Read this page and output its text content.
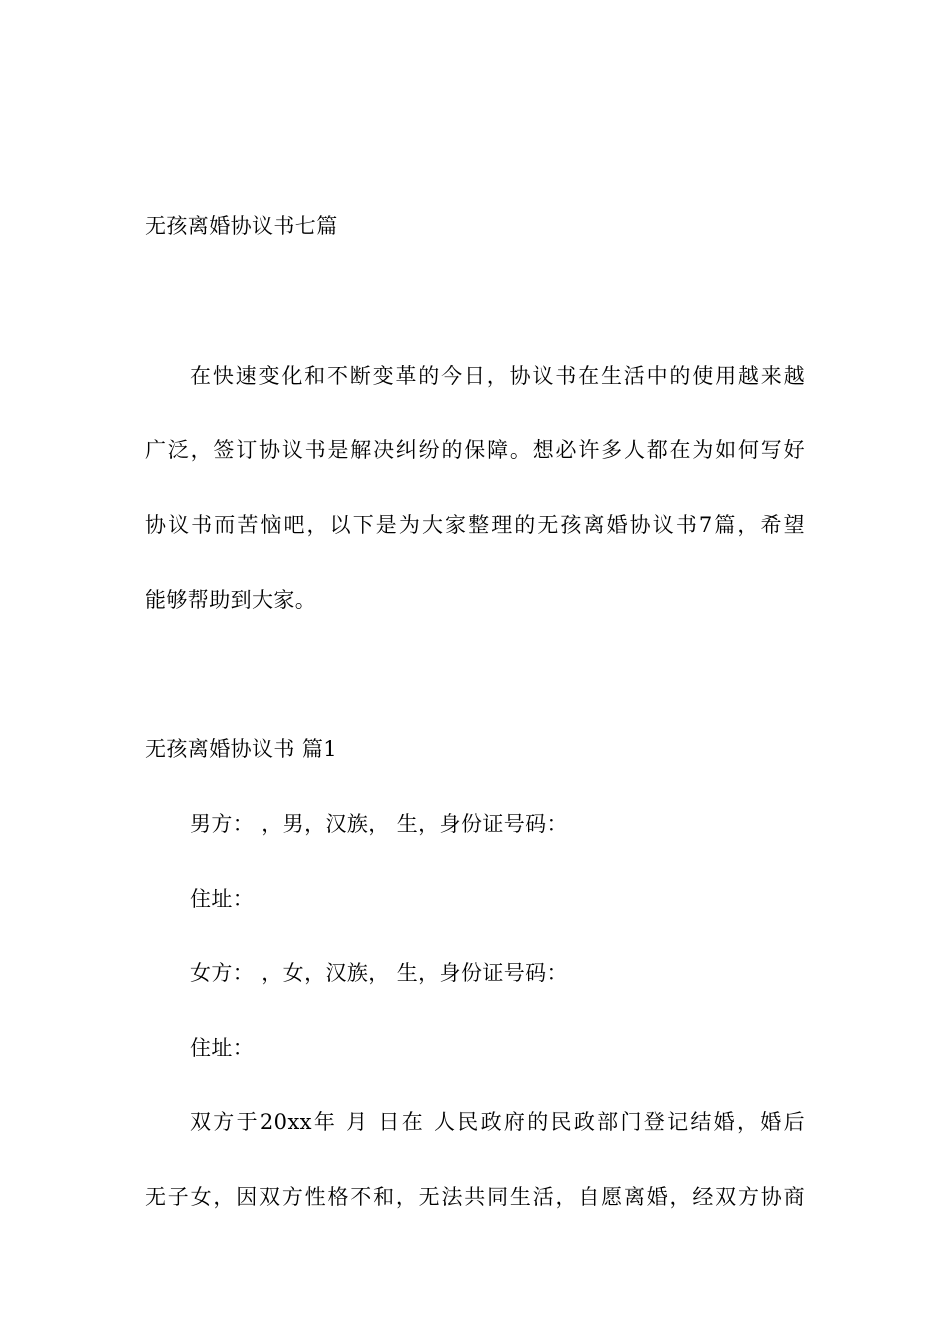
无孩离婚协议书七篇
在快速变化和不断变革的今日，协议书在生活中的使用越来越
广泛，签订协议书是解决纠纷的保障。想必许多人都在为如何写好
协议书而苦恼吧，以下是为大家整理的无孩离婚协议书7篇，希望
能够帮助到大家。
无孩离婚协议书 篇1
男方： ，男，汉族， 生，身份证号码：
住址：
女方： ，女，汉族， 生，身份证号码：
住址：
双方于20xx年 月 日在 人民政府的民政部门登记结婚，婚后
无子女，因双方性格不和，无法共同生活，自愿离婚，经双方协商
